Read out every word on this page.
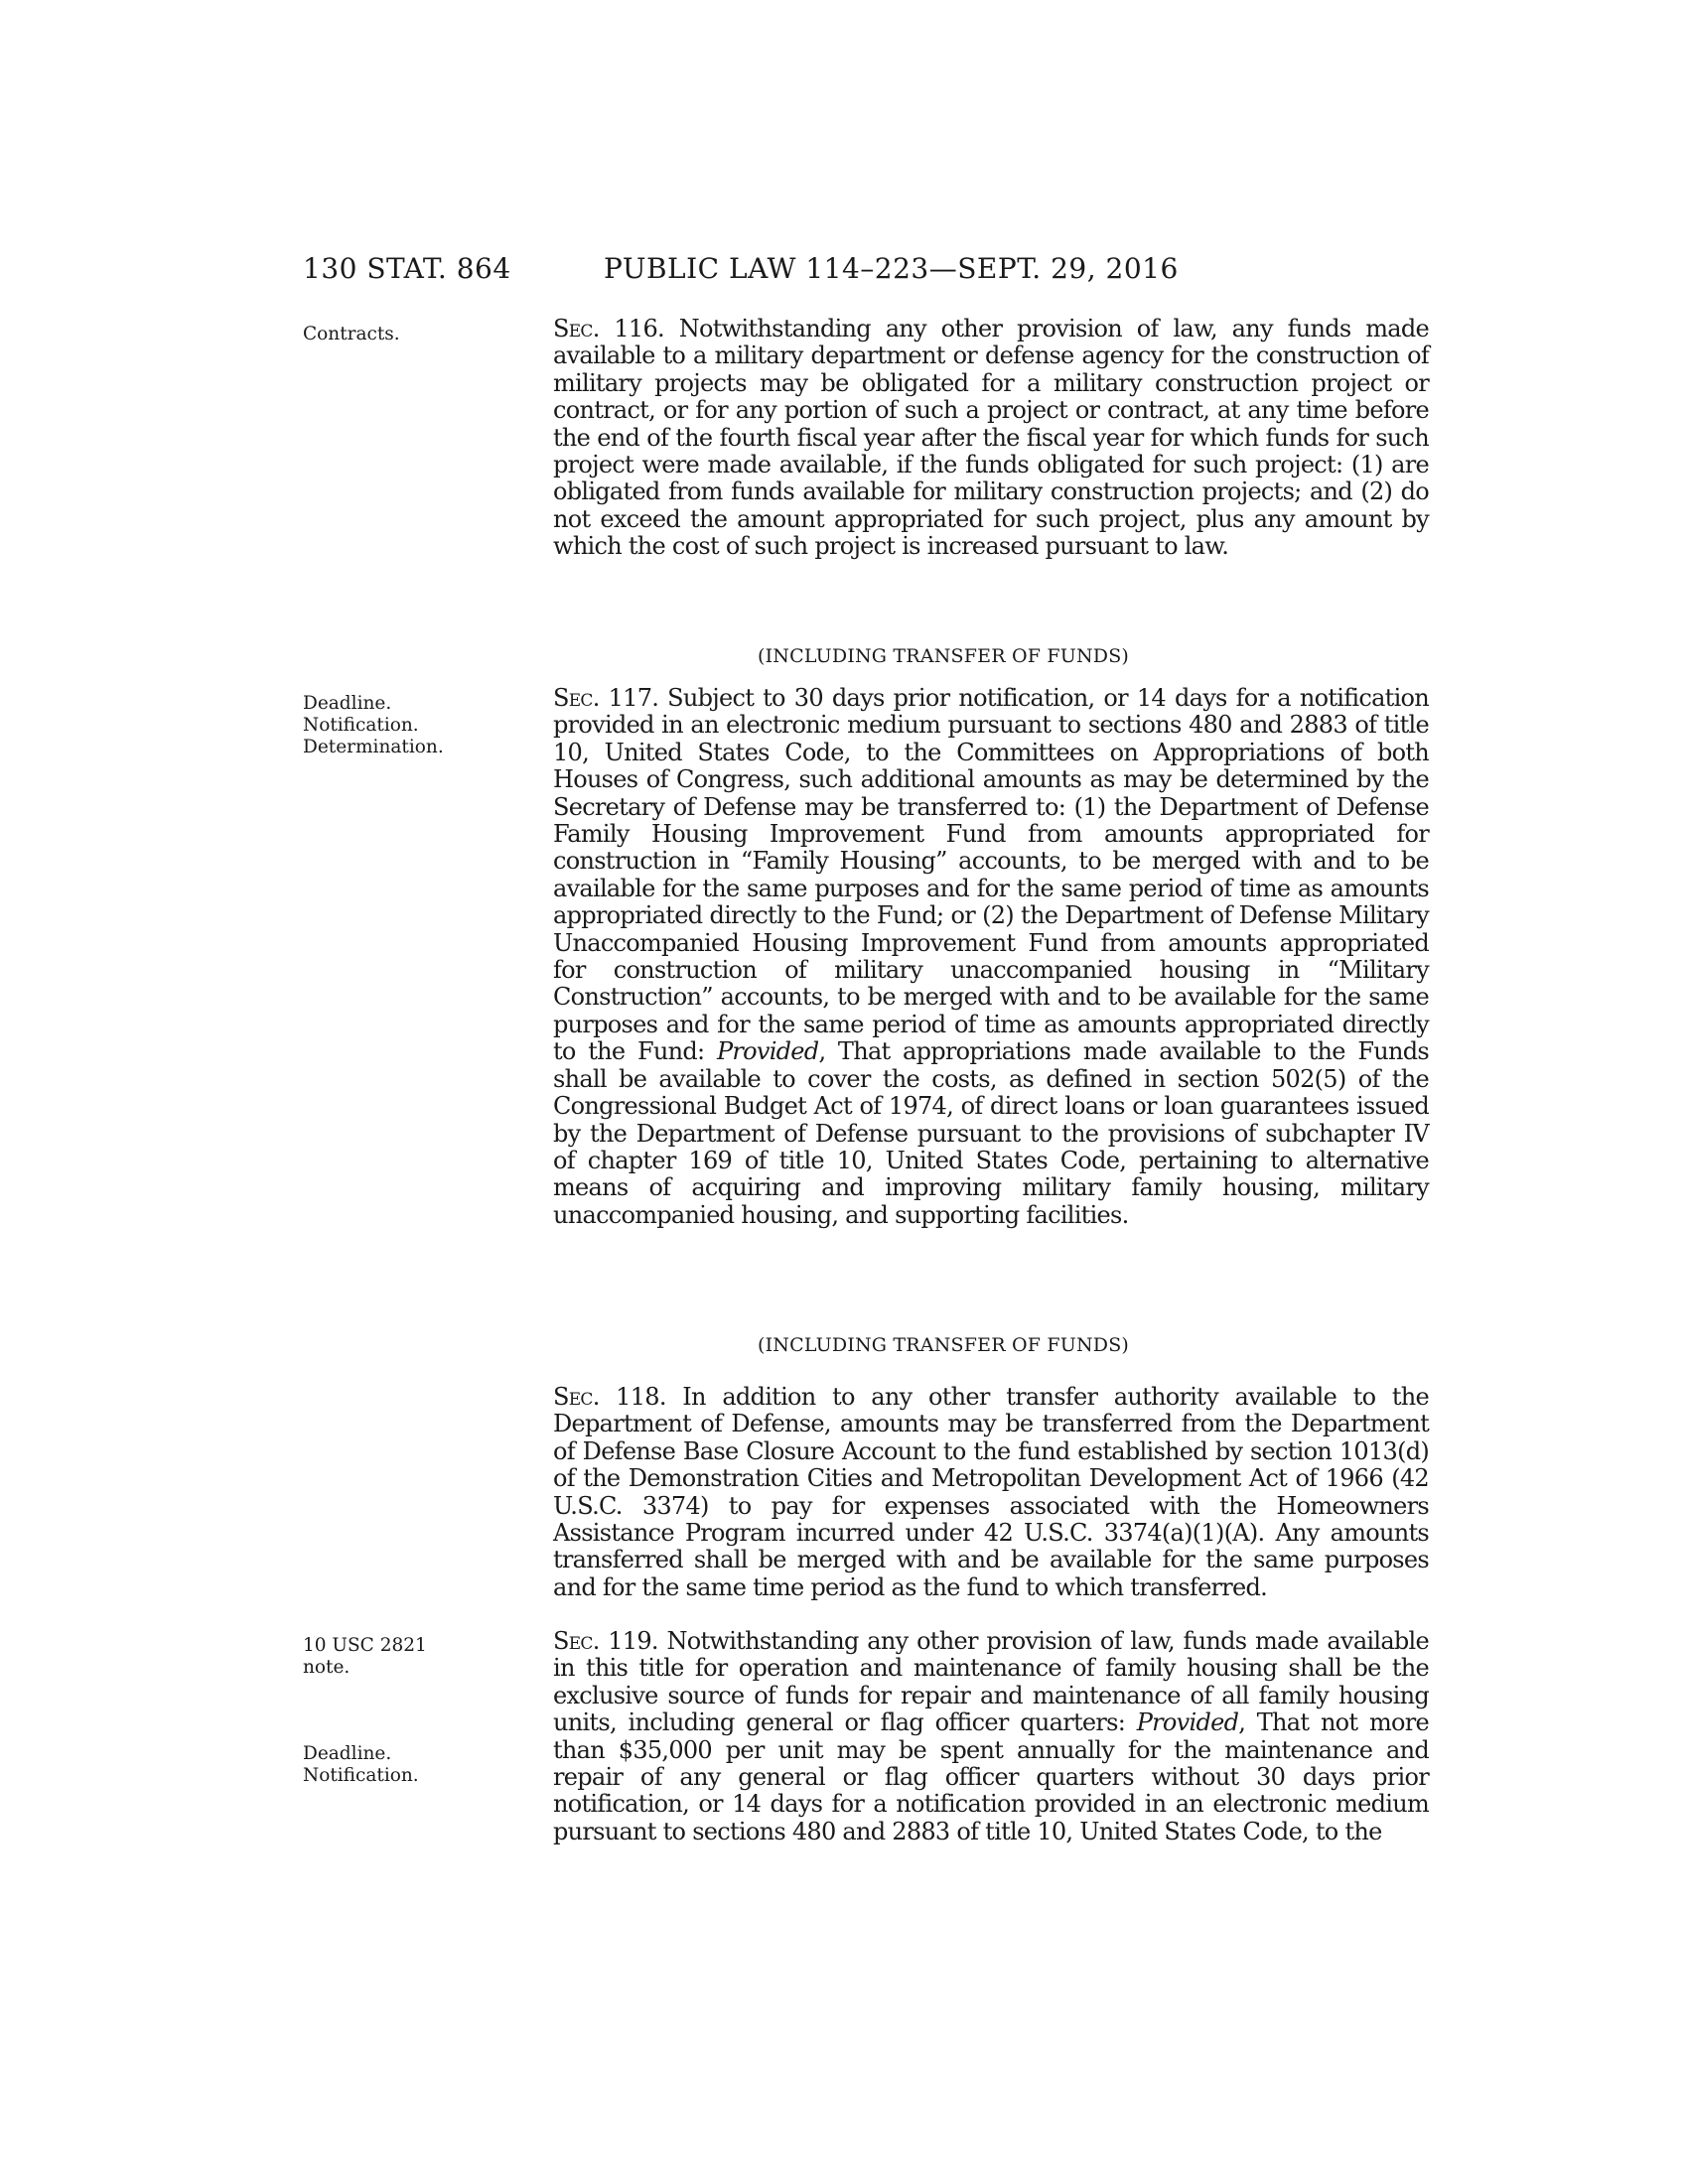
130 STAT. 864	PUBLIC LAW 114–223—SEPT. 29, 2016
Contracts.
Deadline.
Notification.
Determination.
10 USC 2821
note.
Deadline.
Notification.

Sec. 116. Notwithstanding any other provision of law, any funds made available to a military department or defense agency for the construction of military projects may be obligated for a military construction project or contract, or for any portion of such a project or contract, at any time before the end of the fourth fiscal year after the fiscal year for which funds for such project were made available, if the funds obligated for such project: (1) are obligated from funds available for military construction projects; and (2) do not exceed the amount appropriated for such project, plus any amount by which the cost of such project is increased pursuant to law.

(INCLUDING TRANSFER OF FUNDS)

Sec. 117. Subject to 30 days prior notification, or 14 days for a notification provided in an electronic medium pursuant to sections 480 and 2883 of title 10, United States Code, to the Committees on Appropriations of both Houses of Congress, such additional amounts as may be determined by the Secretary of Defense may be transferred to: (1) the Department of Defense Family Housing Improvement Fund from amounts appropriated for construction in “Family Housing” accounts, to be merged with and to be available for the same purposes and for the same period of time as amounts appropriated directly to the Fund; or (2) the Department of Defense Military Unaccompanied Housing Improvement Fund from amounts appropriated for construction of military unaccompanied housing in “Military Construction” accounts, to be merged with and to be available for the same purposes and for the same period of time as amounts appropriated directly to the Fund: Provided, That appropriations made available to the Funds shall be available to cover the costs, as defined in section 502(5) of the Congressional Budget Act of 1974, of direct loans or loan guarantees issued by the Department of Defense pursuant to the provisions of subchapter IV of chapter 169 of title 10, United States Code, pertaining to alternative means of acquiring and improving military family housing, military unaccompanied housing, and supporting facilities.

(INCLUDING TRANSFER OF FUNDS)

Sec. 118. In addition to any other transfer authority available to the Department of Defense, amounts may be transferred from the Department of Defense Base Closure Account to the fund established by section 1013(d) of the Demonstration Cities and Metropolitan Development Act of 1966 (42 U.S.C. 3374) to pay for expenses associated with the Homeowners Assistance Program incurred under 42 U.S.C. 3374(a)(1)(A). Any amounts transferred shall be merged with and be available for the same purposes and for the same time period as the fund to which transferred.

Sec. 119. Notwithstanding any other provision of law, funds made available in this title for operation and maintenance of family housing shall be the exclusive source of funds for repair and maintenance of all family housing units, including general or flag officer quarters: Provided, That not more than $35,000 per unit may be spent annually for the maintenance and repair of any general or flag officer quarters without 30 days prior notification, or 14 days for a notification provided in an electronic medium pursuant to sections 480 and 2883 of title 10, United States Code, to the
